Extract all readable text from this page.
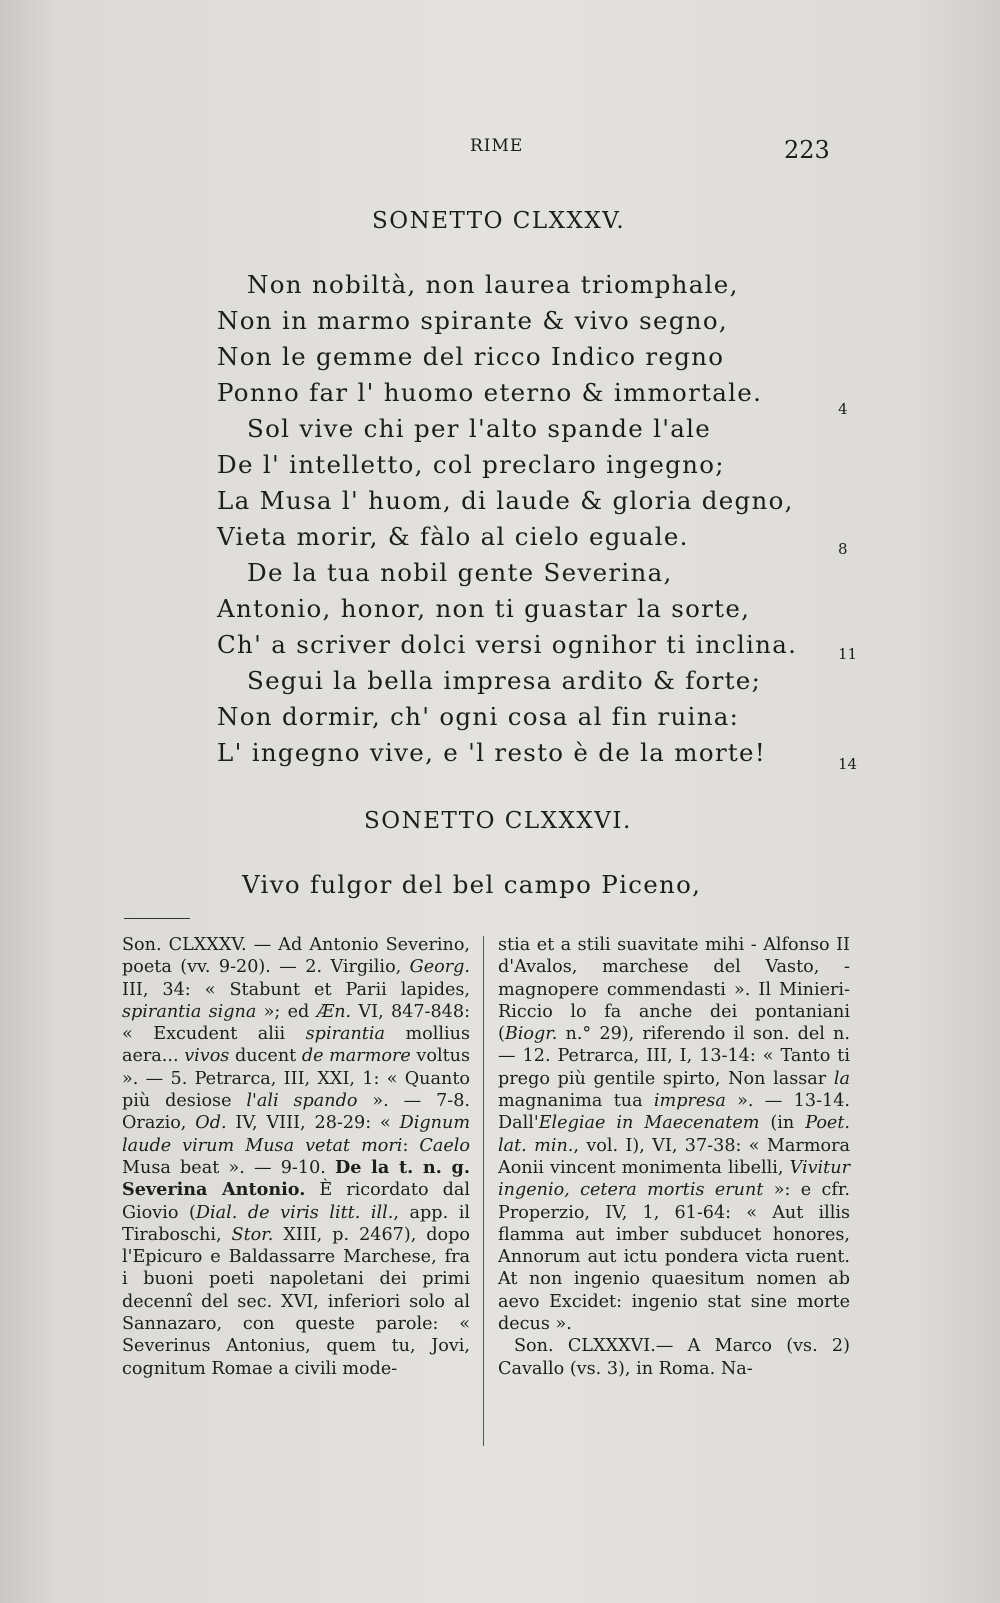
RIME	223
SONETTO CLXXXV.
Non nobiltà, non laurea triomphale,
Non in marmo spirante & vivo segno,
Non le gemme del ricco Indico regno
Ponno far l' huomo eterno & immortale.
Sol vive chi per l'alto spande l'ale
De l' intelletto, col preclaro ingegno;
La Musa l' huom, di laude & gloria degno,
Vieta morir, & fàlo al cielo eguale.
De la tua nobil gente Severina,
Antonio, honor, non ti guastar la sorte,
Ch' a scriver dolci versi ognihor ti inclina.
Segui la bella impresa ardito & forte;
Non dormir, ch' ogni cosa al fin ruina:
L' ingegno vive, e 'l resto è de la morte!
4
8
11
14
SONETTO CLXXXVI.
Vivo fulgor del bel campo Piceno,

Son. CLXXXV. — Ad Antonio Severino, poeta (vv. 9-20). — 2. Virgilio, Georg. III, 34: « Stabunt et Parii lapides, spirantia signa »; ed Æn. VI, 847-848: « Excudent alii spirantia mollius aera... vivos ducent de marmore voltus ». — 5. Petrarca, III, XXI, 1: « Quanto più desiose l'ali spando ». — 7-8. Orazio, Od. IV, VIII, 28-29: « Dignum laude virum Musa vetat mori: Caelo Musa beat ». — 9-10. De la t. n. g. Severina Antonio. È ricordato dal Giovio (Dial. de viris litt. ill., app. il Tiraboschi, Stor. XIII, p. 2467), dopo l'Epicuro e Baldassarre Marchese, fra i buoni poeti napoletani dei primi decennî del sec. XVI, inferiori solo al Sannazaro, con queste parole: « Severinus Antonius, quem tu, Jovi, cognitum Romae a civili mode-

stia et a stili suavitate mihi - Alfonso II d'Avalos, marchese del Vasto, - magnopere commendasti ». Il Minieri-Riccio lo fa anche dei pontaniani (Biogr. n.° 29), riferendo il son. del n. — 12. Petrarca, III, I, 13-14: « Tanto ti prego più gentile spirto, Non lassar la magnanima tua impresa ». — 13-14. Dall'Elegiae in Maecenatem (in Poet. lat. min., vol. I), VI, 37-38: « Marmora Aonii vincent monimenta libelli, Vivitur ingenio, cetera mortis erunt »: e cfr. Properzio, IV, 1, 61-64: « Aut illis flamma aut imber subducet honores, Annorum aut ictu pondera victa ruent. At non ingenio quaesitum nomen ab aevo Excidet: ingenio stat sine morte decus ».

Son. CLXXXVI.— A Marco (vs. 2) Cavallo (vs. 3), in Roma. Na-
